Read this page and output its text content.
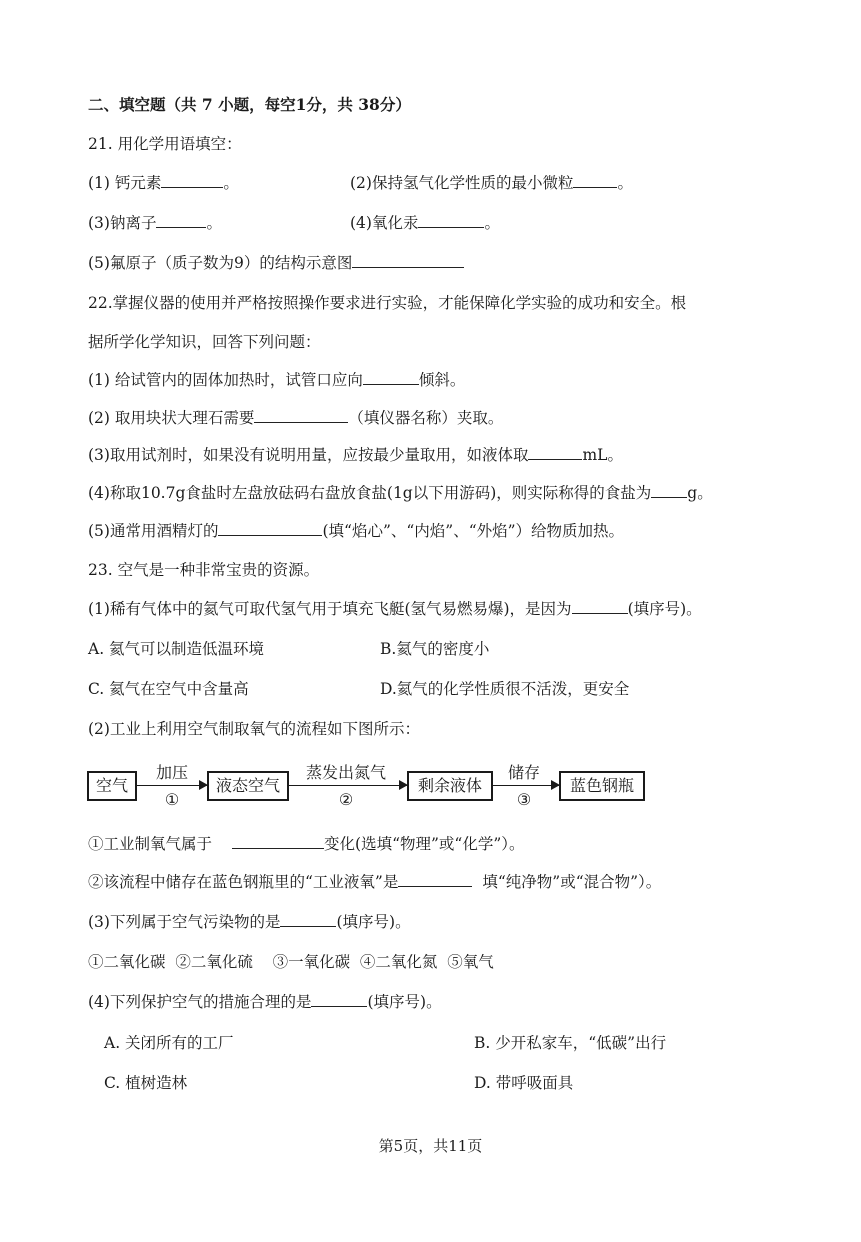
二、填空题（共 7 小题，每空1分，共 38分）
21. 用化学用语填空：
(1) 钙元素	。	(2)保持氢气化学性质的最小微粒	。
(3)钠离子	。	(4)氧化汞	。
(5)氟原子（质子数为9）的结构示意图
22.掌握仪器的使用并严格按照操作要求进行实验，才能保障化学实验的成功和安全。根
据所学化学知识，回答下列问题：
(1) 给试管内的固体加热时，试管口应向	倾斜。
(2) 取用块状大理石需要	（填仪器名称）夹取。
(3)取用试剂时，如果没有说明用量，应按最少量取用，如液体取	mL。
(4)称取10.7g食盐时左盘放砝码右盘放食盐(1g以下用游码)，则实际称得的食盐为 g。
(5)通常用酒精灯的	(填“焰心”、“内焰”、“外焰”）给物质加热。
23. 空气是一种非常宝贵的资源。
(1)稀有气体中的氦气可取代氢气用于填充飞艇(氢气易燃易爆)，是因为	(填序号)。
A. 氦气可以制造低温环境	B.氦气的密度小
C. 氦气在空气中含量高	D.氦气的化学性质很不活泼，更安全
(2)工业上利用空气制取氧气的流程如下图所示：
空气
加压
①
液态空气
蒸发出氮气
②
剩余液体
储存
③
蓝色钢瓶
①工业制氧气属于	变化(选填“物理”或“化学”）。
②该流程中储存在蓝色钢瓶里的“工业液氧”是	填“纯净物”或“混合物”）。
(3)下列属于空气污染物的是	(填序号)。
①二氧化碳  ②二氧化硫    ③一氧化碳  ④二氧化氮  ⑤氧气
(4)下列保护空气的措施合理的是	(填序号)。
A. 关闭所有的工厂	B. 少开私家车，“低碳”出行
C. 植树造林	D. 带呼吸面具
第5页，共11页
